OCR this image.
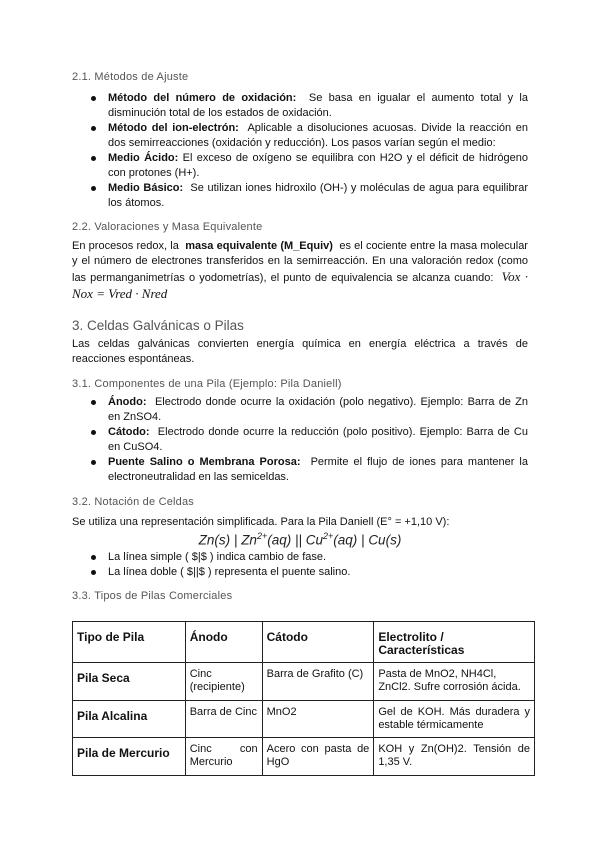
2.1. Métodos de Ajuste
Método del número de oxidación: Se basa en igualar el aumento total y la disminución total de los estados de oxidación.
Método del ion-electrón: Aplicable a disoluciones acuosas. Divide la reacción en dos semirreacciones (oxidación y reducción). Los pasos varían según el medio:
Medio Ácido: El exceso de oxígeno se equilibra con H2O y el déficit de hidrógeno con protones (H+).
Medio Básico: Se utilizan iones hidroxilo (OH-) y moléculas de agua para equilibrar los átomos.
2.2. Valoraciones y Masa Equivalente
En procesos redox, la masa equivalente (M_Equiv) es el cociente entre la masa molecular y el número de electrones transferidos en la semirreacción. En una valoración redox (como las permanganimetrías o yodometrías), el punto de equivalencia se alcanza cuando: Vox · Nox = Vred · Nred
3. Celdas Galvánicas o Pilas
Las celdas galvánicas convierten energía química en energía eléctrica a través de reacciones espontáneas.
3.1. Componentes de una Pila (Ejemplo: Pila Daniell)
Ánodo: Electrodo donde ocurre la oxidación (polo negativo). Ejemplo: Barra de Zn en ZnSO4.
Cátodo: Electrodo donde ocurre la reducción (polo positivo). Ejemplo: Barra de Cu en CuSO4.
Puente Salino o Membrana Porosa: Permite el flujo de iones para mantener la electroneutralidad en las semiceldas.
3.2. Notación de Celdas
Se utiliza una representación simplificada. Para la Pila Daniell (E° = +1,10 V):
Zn(s) | $Zn^{2+}(aq)$ || $Cu^{2+}(aq)$ | Cu(s)
La línea simple ( $|$ ) indica cambio de fase.
La línea doble ( $||$ ) representa el puente salino.
3.3. Tipos de Pilas Comerciales
Tipo de Pila	Ánodo	Cátodo	Electrolito / Características
Pila Seca	Cinc (recipiente)	Barra de Grafito (C)	Pasta de MnO2, NH4Cl, ZnCl2. Sufre corrosión ácida.
Pila Alcalina	Barra de Cinc	MnO2	Gel de KOH. Más duradera y estable térmicamente
Pila de Mercurio	Cinc con Mercurio	Acero con pasta de HgO	KOH y Zn(OH)2. Tensión de 1,35 V.
